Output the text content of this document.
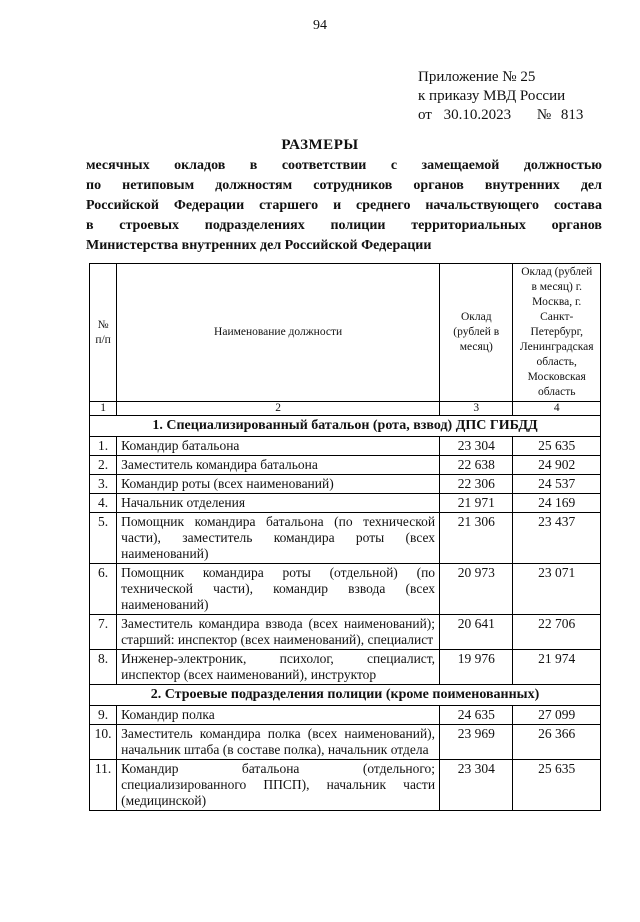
94
Приложение № 25
к приказу МВД России
от 30.10.2023 № 813
РАЗМЕРЫ
месячных окладов в соответствии с замещаемой должностью
по нетиповым должностям сотрудников органов внутренних дел
Российской Федерации старшего и среднего начальствующего состава
в строевых подразделениях полиции территориальных органов
Министерства внутренних дел Российской Федерации
№ п/п	Наименование должности	Оклад (рублей в месяц)	Оклад (рублей в месяц) г. Москва, г. Санкт-Петербург, Ленинградская область, Московская область
1	2	3	4
1. Специализированный батальон (рота, взвод) ДПС ГИБДД			
1.	Командир батальона	23 304	25 635
2.	Заместитель командира батальона	22 638	24 902
3.	Командир роты (всех наименований)	22 306	24 537
4.	Начальник отделения	21 971	24 169
5.	Помощник командира батальона (по технической части), заместитель командира роты (всех наименований)	21 306	23 437
6.	Помощник командира роты (отдельной) (по технической части), командир взвода (всех наименований)	20 973	23 071
7.	Заместитель командира взвода (всех наименований); старший: инспектор (всех наименований), специалист	20 641	22 706
8.	Инженер-электроник, психолог, специалист, инспектор (всех наименований), инструктор	19 976	21 974
2. Строевые подразделения полиции (кроме поименованных)			
9.	Командир полка	24 635	27 099
10.	Заместитель командира полка (всех наименований), начальник штаба (в составе полка), начальник отдела	23 969	26 366
11.	Командир батальона (отдельного; специализированного ППСП), начальник части (медицинской)	23 304	25 635
